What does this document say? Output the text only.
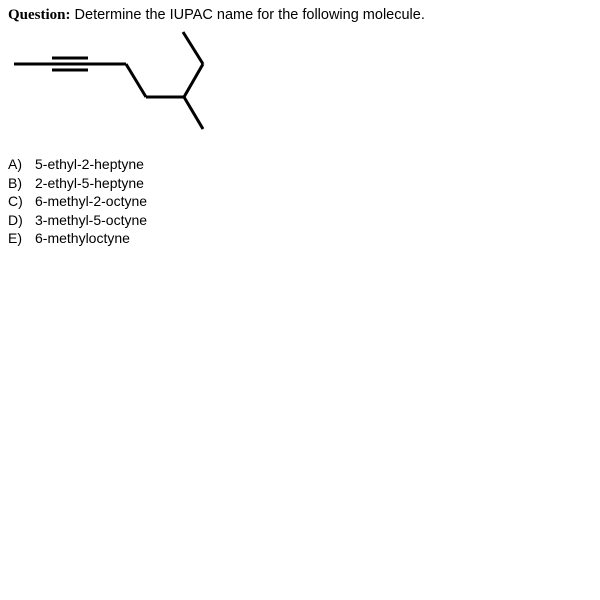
Question: Determine the IUPAC name for the following molecule.
A) 5-ethyl-2-heptyne
B) 2-ethyl-5-heptyne
C) 6-methyl-2-octyne
D) 3-methyl-5-octyne
E) 6-methyloctyne
